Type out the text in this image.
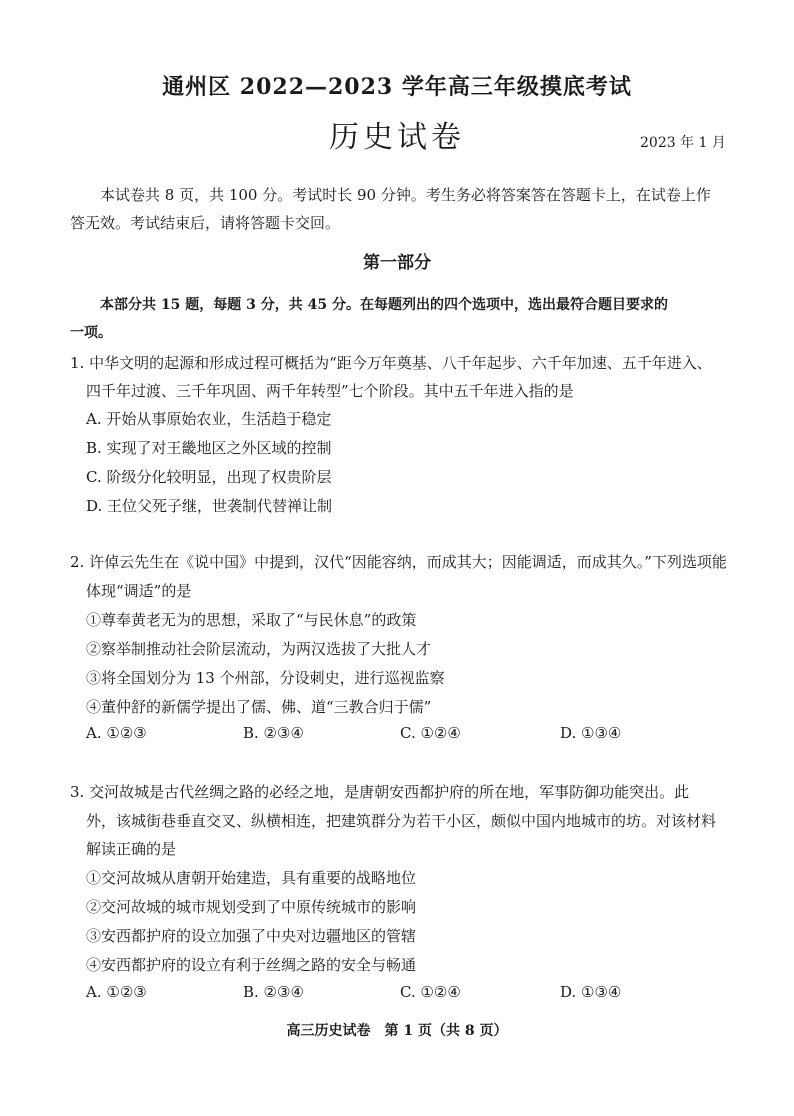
通州区 2022—2023 学年高三年级摸底考试
历史试卷	2023 年 1 月
本试卷共 8 页，共 100 分。考试时长 90 分钟。考生务必将答案答在答题卡上，在试卷上作
答无效。考试结束后，请将答题卡交回。
第一部分
本部分共 15 题，每题 3 分，共 45 分。在每题列出的四个选项中，选出最符合题目要求的
一项。
1. 中华文明的起源和形成过程可概括为“距今万年奠基、八千年起步、六千年加速、五千年进入、
四千年过渡、三千年巩固、两千年转型”七个阶段。其中五千年进入指的是
A. 开始从事原始农业，生活趋于稳定
B. 实现了对王畿地区之外区域的控制
C. 阶级分化较明显，出现了权贵阶层
D. 王位父死子继，世袭制代替禅让制
2. 许倬云先生在《说中国》中提到，汉代“因能容纳，而成其大；因能调适，而成其久。”下列选项能
体现“调适”的是
①尊奉黄老无为的思想，采取了“与民休息”的政策
②察举制推动社会阶层流动，为两汉选拔了大批人才
③将全国划分为 13 个州部，分设刺史，进行巡视监察
④董仲舒的新儒学提出了儒、佛、道“三教合归于儒”
A. ①②③	B. ②③④	C. ①②④	D. ①③④
3. 交河故城是古代丝绸之路的必经之地，是唐朝安西都护府的所在地，军事防御功能突出。此
外，该城街巷垂直交叉、纵横相连，把建筑群分为若干小区，颇似中国内地城市的坊。对该材料
解读正确的是
①交河故城从唐朝开始建造，具有重要的战略地位
②交河故城的城市规划受到了中原传统城市的影响
③安西都护府的设立加强了中央对边疆地区的管辖
④安西都护府的设立有利于丝绸之路的安全与畅通
A. ①②③	B. ②③④	C. ①②④	D. ①③④
高三历史试卷　第 1 页（共 8 页）
